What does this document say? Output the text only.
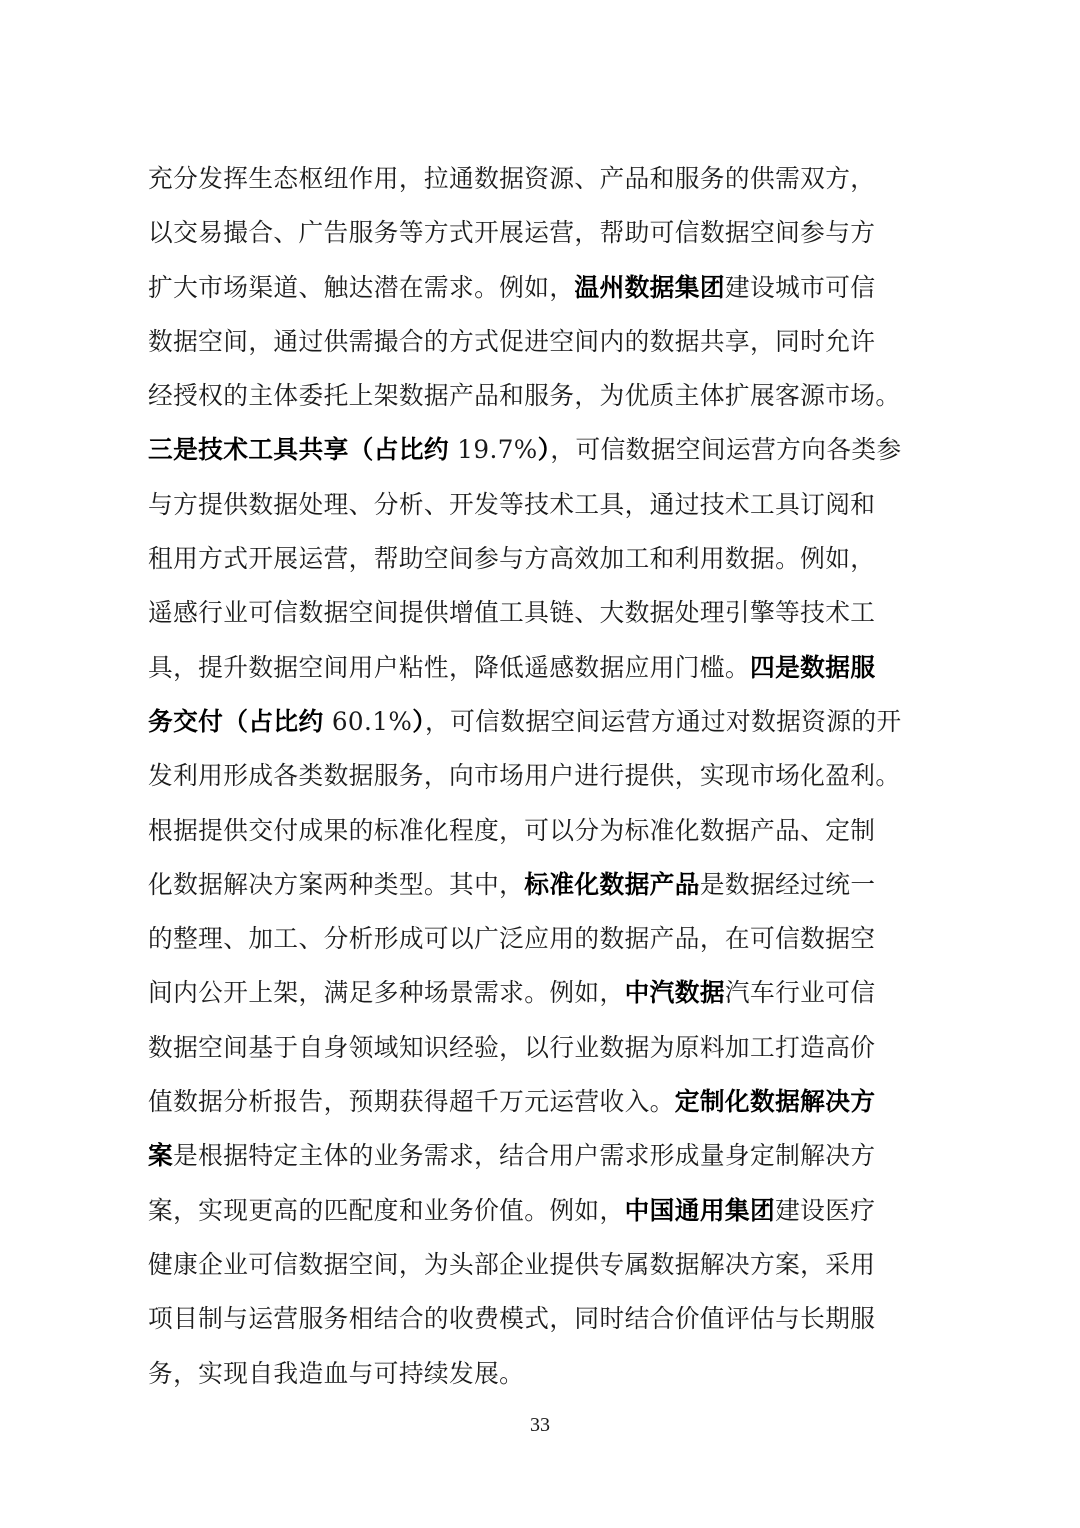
充分发挥生态枢纽作用，拉通数据资源、产品和服务的供需双方，
以交易撮合、广告服务等方式开展运营，帮助可信数据空间参与方
扩大市场渠道、触达潜在需求。例如，温州数据集团建设城市可信
数据空间，通过供需撮合的方式促进空间内的数据共享，同时允许
经授权的主体委托上架数据产品和服务，为优质主体扩展客源市场。
三是技术工具共享（占比约 19.7%），可信数据空间运营方向各类参
与方提供数据处理、分析、开发等技术工具，通过技术工具订阅和
租用方式开展运营，帮助空间参与方高效加工和利用数据。例如，
遥感行业可信数据空间提供增值工具链、大数据处理引擎等技术工
具，提升数据空间用户粘性，降低遥感数据应用门槛。四是数据服
务交付（占比约 60.1%），可信数据空间运营方通过对数据资源的开
发利用形成各类数据服务，向市场用户进行提供，实现市场化盈利。
根据提供交付成果的标准化程度，可以分为标准化数据产品、定制
化数据解决方案两种类型。其中，标准化数据产品是数据经过统一
的整理、加工、分析形成可以广泛应用的数据产品，在可信数据空
间内公开上架，满足多种场景需求。例如，中汽数据汽车行业可信
数据空间基于自身领域知识经验，以行业数据为原料加工打造高价
值数据分析报告，预期获得超千万元运营收入。定制化数据解决方
案是根据特定主体的业务需求，结合用户需求形成量身定制解决方
案，实现更高的匹配度和业务价值。例如，中国通用集团建设医疗
健康企业可信数据空间，为头部企业提供专属数据解决方案，采用
项目制与运营服务相结合的收费模式，同时结合价值评估与长期服
务，实现自我造血与可持续发展。
33
